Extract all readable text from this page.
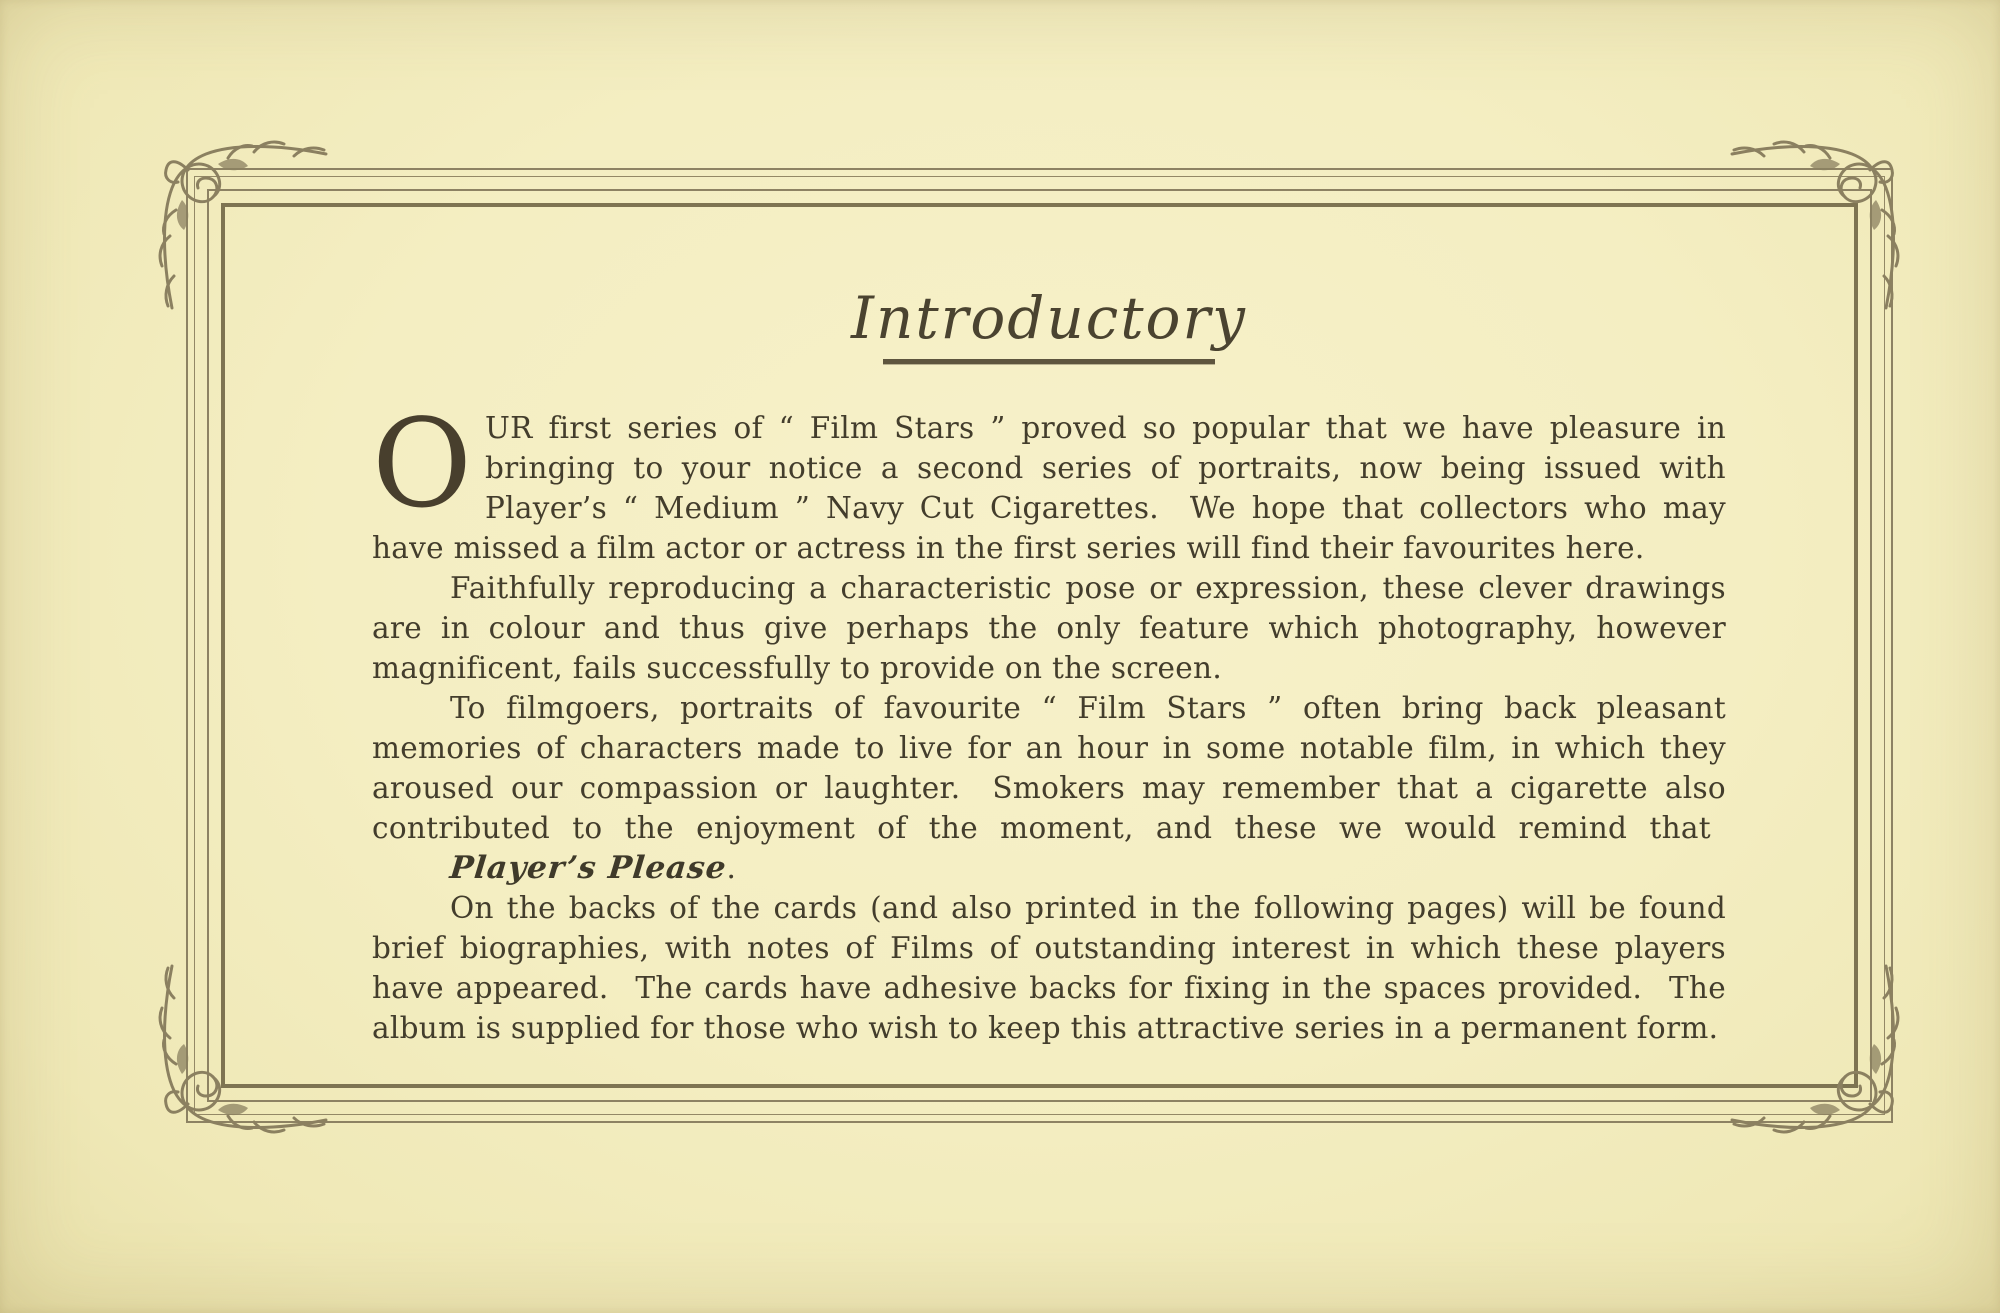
Introductory

OUR first series of “ Film Stars ” proved so popular that we have pleasure in bringing to your notice a second series of portraits, now being issued with Player’s “ Medium ” Navy Cut Cigarettes.  We hope that collectors who may have missed a film actor or actress in the first series will find their favourites here.

Faithfully reproducing a characteristic pose or expression, these clever drawings are in colour and thus give perhaps the only feature which photography, however magnificent, fails successfully to provide on the screen.

To filmgoers, portraits of favourite “ Film Stars ” often bring back pleasant memories of characters made to live for an hour in some notable film, in which they aroused our compassion or laughter.  Smokers may remember that a cigarette also contributed to the enjoyment of the moment, and these we would remind that Player’s Please.

On the backs of the cards (and also printed in the following pages) will be found brief biographies, with notes of Films of outstanding interest in which these players have appeared.  The cards have adhesive backs for fixing in the spaces provided.  The album is supplied for those who wish to keep this attractive series in a permanent form.
